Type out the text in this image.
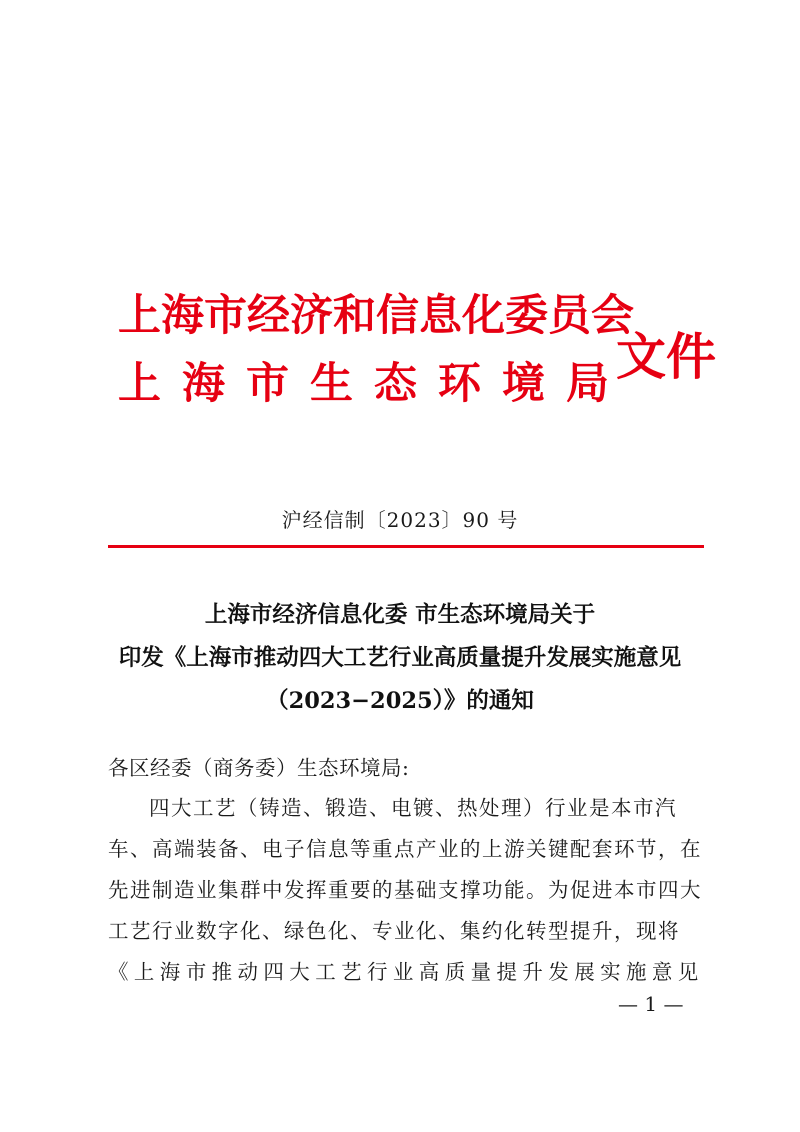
上海市经济和信息化委员会
上海市生态环境局
文件
沪经信制〔2023〕90 号
上海市经济信息化委 市生态环境局关于
印发《上海市推动四大工艺行业高质量提升发展实施意见
（2023−2025）》的通知
各区经委（商务委）生态环境局:
四大工艺（铸造、锻造、电镀、热处理）行业是本市汽
车、高端装备、电子信息等重点产业的上游关键配套环节，在
先进制造业集群中发挥重要的基础支撑功能。为促进本市四大
工艺行业数字化、绿色化、专业化、集约化转型提升，现将
《上海市推动四大工艺行业高质量提升发展实施意见
— 1 —
